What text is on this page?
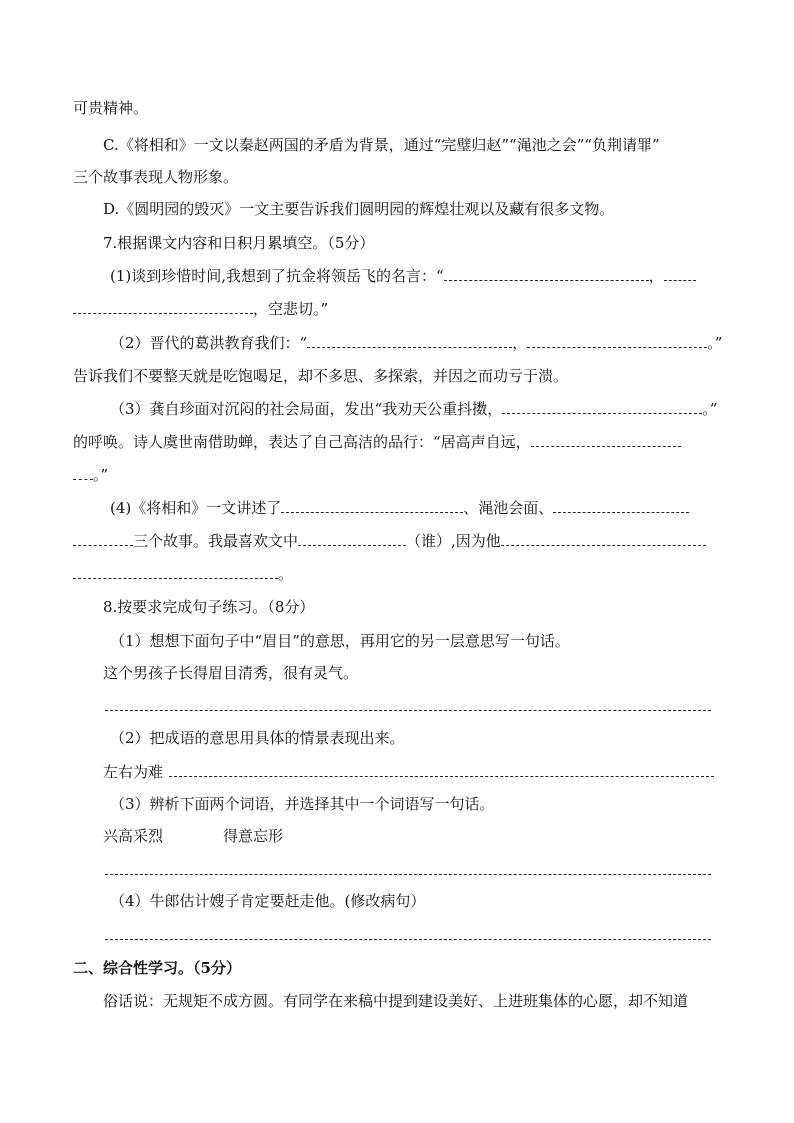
可贵精神。
C.《将相和》一文以秦赵两国的矛盾为背景，通过“完璧归赵”“渑池之会”“负荆请罪”
三个故事表现人物形象。
D.《圆明园的毁灭》一文主要告诉我们圆明园的辉煌壮观以及藏有很多文物。
7.根据课文内容和日积月累填空。（5分）
(1)谈到珍惜时间,我想到了抗金将领岳飞的名言：“	，
，空悲切。”
（2）晋代的葛洪教育我们：“	，	。”
告诉我们不要整天就是吃饱喝足，却不多思、多探索，并因之而功亏于溃。
（3）龚自珍面对沉闷的社会局面，发出“我劝天公重抖擞，	。”
的呼唤。诗人虞世南借助蝉，表达了自己高洁的品行：“居高声自远，
。”
(4)《将相和》一文讲述了	、渑池会面、
三个故事。我最喜欢文中	（谁）,因为他
。
8.按要求完成句子练习。（8分）
（1）想想下面句子中“眉目”的意思，再用它的另一层意思写一句话。
这个男孩子长得眉目清秀，很有灵气。
（2）把成语的意思用具体的情景表现出来。
左右为难
（3）辨析下面两个词语，并选择其中一个词语写一句话。
兴高采烈	得意忘形
（4）牛郎估计嫂子肯定要赶走他。(修改病句）
二、综合性学习。（5分）
俗话说：无规矩不成方圆。有同学在来稿中提到建设美好、上进班集体的心愿，却不知道
